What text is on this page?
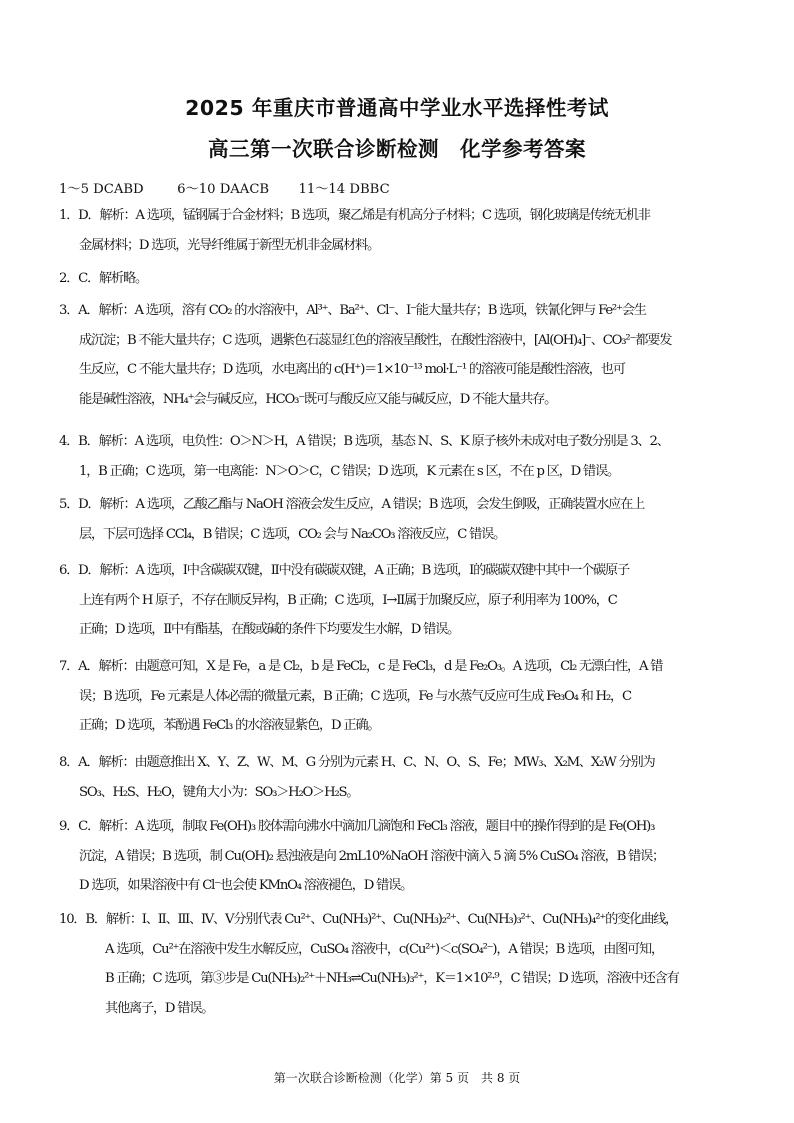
2025 年重庆市普通高中学业水平选择性考试
高三第一次联合诊断检测　化学参考答案
1～5 DCABD        6～10 DAACB       11～14 DBBC

1．D．解析：A 选项，锰钢属于合金材料；B 选项，聚乙烯是有机高分子材料；C 选项，钢化玻璃是传统无机非

金属材料；D 选项，光导纤维属于新型无机非金属材料。

2．C．解析略。

3．A．解析：A 选项，溶有 CO₂ 的水溶液中，Al³⁺、Ba²⁺、Cl⁻、I⁻能大量共存；B 选项，铁氰化钾与 Fe²⁺会生

成沉淀；B 不能大量共存；C 选项，遇紫色石蕊显红色的溶液呈酸性，在酸性溶液中，[Al(OH)₄]⁻、CO₃²⁻都要发

生反应，C 不能大量共存；D 选项，水电离出的 c(H⁺)＝1×10⁻¹³ mol·L⁻¹ 的溶液可能是酸性溶液，也可

能是碱性溶液，NH₄⁺会与碱反应，HCO₃⁻既可与酸反应又能与碱反应，D 不能大量共存。

4．B．解析：A 选项，电负性：O＞N＞H，A 错误；B 选项，基态 N、S、K 原子核外未成对电子数分别是 3、2、

1，B 正确；C 选项，第一电离能：N＞O＞C，C 错误；D 选项，K 元素在 s 区，不在 p 区，D 错误。

5．D．解析：A 选项，乙酸乙酯与 NaOH 溶液会发生反应，A 错误；B 选项，会发生倒吸，正确装置水应在上

层，下层可选择 CCl₄，B 错误；C 选项，CO₂ 会与 Na₂CO₃ 溶液反应，C 错误。

6．D．解析：A 选项，Ⅰ中含碳碳双键，Ⅱ中没有碳碳双键，A 正确；B 选项，Ⅰ的碳碳双键中其中一个碳原子

上连有两个 H 原子，不存在顺反异构，B 正确；C 选项，Ⅰ→Ⅱ属于加聚反应，原子利用率为 100%，C

正确；D 选项，Ⅱ中有酯基，在酸或碱的条件下均要发生水解，D 错误。

7．A．解析：由题意可知，X 是 Fe，a 是 Cl₂，b 是 FeCl₂，c 是 FeCl₃，d 是 Fe₂O₃。A 选项，Cl₂ 无漂白性，A 错

误；B 选项，Fe 元素是人体必需的微量元素，B 正确；C 选项，Fe 与水蒸气反应可生成 Fe₃O₄ 和 H₂，C

正确；D 选项，苯酚遇 FeCl₃ 的水溶液显紫色，D 正确。

8．A．解析：由题意推出 X、Y、Z、W、M、G 分别为元素 H、C、N、O、S、Fe；MW₃、X₂M、X₂W 分别为

SO₃、H₂S、H₂O，键角大小为：SO₃＞H₂O＞H₂S。

9．C．解析：A 选项，制取 Fe(OH)₃ 胶体需向沸水中滴加几滴饱和 FeCl₃ 溶液，题目中的操作得到的是 Fe(OH)₃

沉淀，A 错误；B 选项，制 Cu(OH)₂ 悬浊液是向 2mL10%NaOH 溶液中滴入 5 滴 5% CuSO₄ 溶液，B 错误；

D 选项，如果溶液中有 Cl⁻也会使 KMnO₄ 溶液褪色，D 错误。

10．B．解析：Ⅰ、Ⅱ、Ⅲ、Ⅳ、Ⅴ分别代表 Cu²⁺、Cu(NH₃)²⁺、Cu(NH₃)₂²⁺、Cu(NH₃)₃²⁺、Cu(NH₃)₄²⁺的变化曲线，

A 选项，Cu²⁺在溶液中发生水解反应，CuSO₄ 溶液中，c(Cu²⁺)＜c(SO₄²⁻)，A 错误；B 选项，由图可知，

B 正确；C 选项，第③步是 Cu(NH₃)₂²⁺＋NH₃⇌Cu(NH₃)₃²⁺，K＝1×10²·⁹，C 错误；D 选项，溶液中还含有

其他离子，D 错误。

第一次联合诊断检测（化学）第 5 页　共 8 页
